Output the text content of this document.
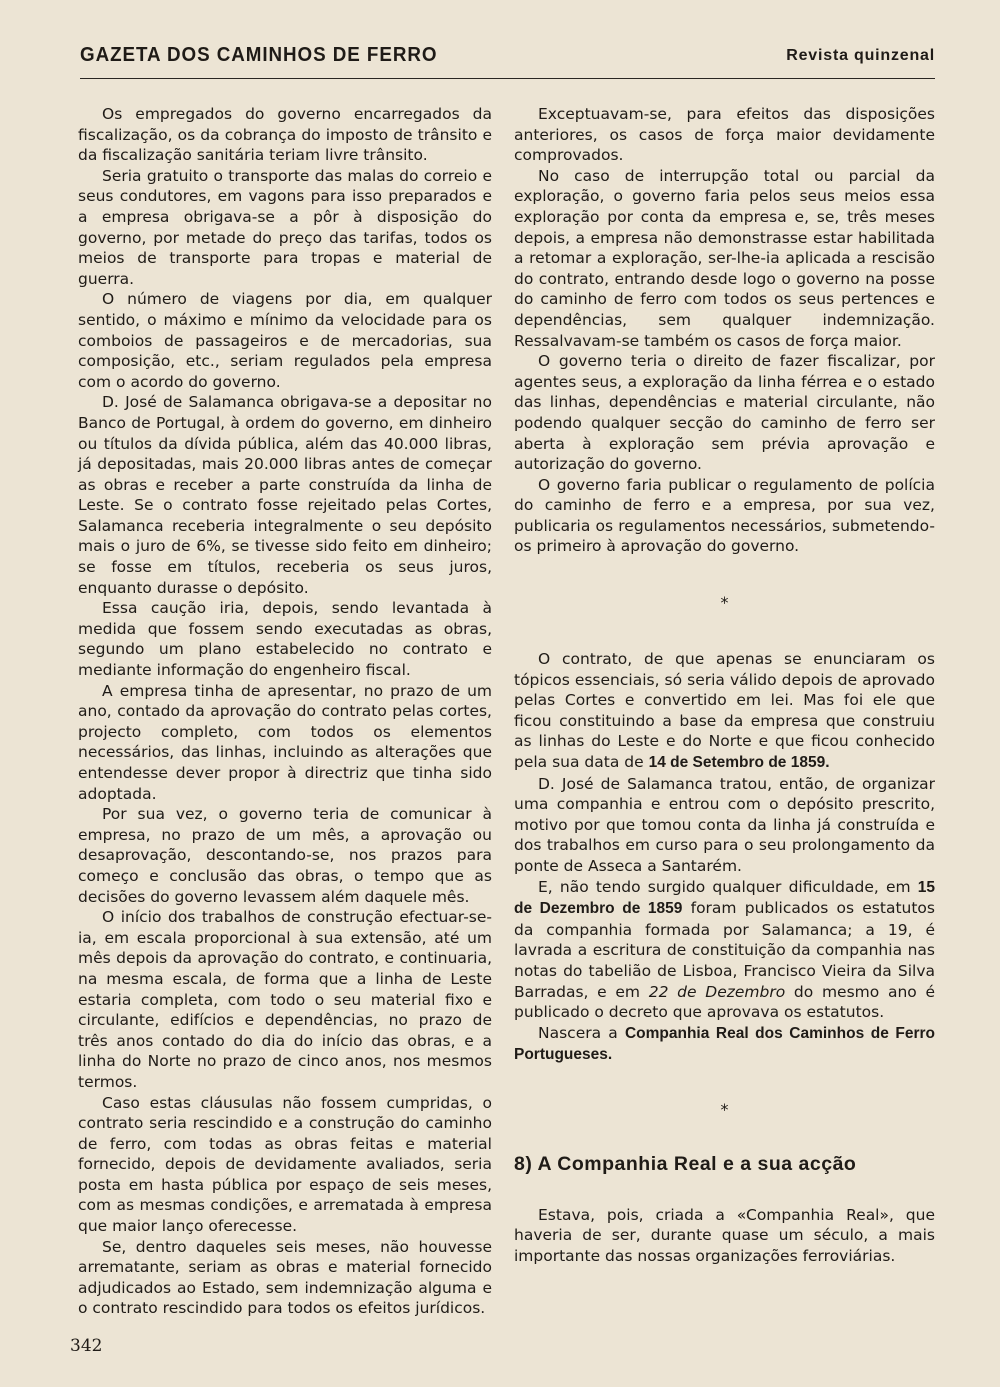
GAZETA DOS CAMINHOS DE FERRO	Revista quinzenal

Os empregados do governo encarregados da fiscalização, os da cobrança do imposto de trânsito e da fiscalização sanitária teriam livre trânsito.

Seria gratuito o transporte das malas do correio e seus condutores, em vagons para isso preparados e a empresa obrigava-se a pôr à disposição do governo, por metade do preço das tarifas, todos os meios de transporte para tropas e material de guerra.

O número de viagens por dia, em qualquer sentido, o máximo e mínimo da velocidade para os comboios de passageiros e de mercadorias, sua composição, etc., seriam regulados pela empresa com o acordo do governo.

D. José de Salamanca obrigava-se a depositar no Banco de Portugal, à ordem do governo, em dinheiro ou títulos da dívida pública, além das 40.000 libras, já depositadas, mais 20.000 libras antes de começar as obras e receber a parte construída da linha de Leste. Se o contrato fosse rejeitado pelas Cortes, Salamanca receberia integralmente o seu depósito mais o juro de 6%, se tivesse sido feito em dinheiro; se fosse em títulos, receberia os seus juros, enquanto durasse o depósito.

Essa caução iria, depois, sendo levantada à medida que fossem sendo executadas as obras, segundo um plano estabelecido no contrato e mediante informação do engenheiro fiscal.

A empresa tinha de apresentar, no prazo de um ano, contado da aprovação do contrato pelas cortes, projecto completo, com todos os elementos necessários, das linhas, incluindo as alterações que entendesse dever propor à directriz que tinha sido adoptada.

Por sua vez, o governo teria de comunicar à empresa, no prazo de um mês, a aprovação ou desaprovação, descontando-se, nos prazos para começo e conclusão das obras, o tempo que as decisões do governo levassem além daquele mês.

O início dos trabalhos de construção efectuar-se-ia, em escala proporcional à sua extensão, até um mês depois da aprovação do contrato, e continuaria, na mesma escala, de forma que a linha de Leste estaria completa, com todo o seu material fixo e circulante, edifícios e dependências, no prazo de três anos contado do dia do início das obras, e a linha do Norte no prazo de cinco anos, nos mesmos termos.

Caso estas cláusulas não fossem cumpridas, o contrato seria rescindido e a construção do caminho de ferro, com todas as obras feitas e material fornecido, depois de devidamente avaliados, seria posta em hasta pública por espaço de seis meses, com as mesmas condições, e arrematada à empresa que maior lanço oferecesse.

Se, dentro daqueles seis meses, não houvesse arrematante, seriam as obras e material fornecido adjudicados ao Estado, sem indemnização alguma e o contrato rescindido para todos os efeitos jurídicos.

Exceptuavam-se, para efeitos das disposições anteriores, os casos de força maior devidamente comprovados.

No caso de interrupção total ou parcial da exploração, o governo faria pelos seus meios essa exploração por conta da empresa e, se, três meses depois, a empresa não demonstrasse estar habilitada a retomar a exploração, ser-lhe-ia aplicada a rescisão do contrato, entrando desde logo o governo na posse do caminho de ferro com todos os seus pertences e dependências, sem qualquer indemnização. Ressalvavam-se também os casos de força maior.

O governo teria o direito de fazer fiscalizar, por agentes seus, a exploração da linha férrea e o estado das linhas, dependências e material circulante, não podendo qualquer secção do caminho de ferro ser aberta à exploração sem prévia aprovação e autorização do governo.

O governo faria publicar o regulamento de polícia do caminho de ferro e a empresa, por sua vez, publicaria os regulamentos necessários, submetendo-os primeiro à aprovação do governo.

*

O contrato, de que apenas se enunciaram os tópicos essenciais, só seria válido depois de aprovado pelas Cortes e convertido em lei. Mas foi ele que ficou constituindo a base da empresa que construiu as linhas do Leste e do Norte e que ficou conhecido pela sua data de 14 de Setembro de 1859.

D. José de Salamanca tratou, então, de organizar uma companhia e entrou com o depósito prescrito, motivo por que tomou conta da linha já construída e dos trabalhos em curso para o seu prolongamento da ponte de Asseca a Santarém.

E, não tendo surgido qualquer dificuldade, em 15 de Dezembro de 1859 foram publicados os estatutos da companhia formada por Salamanca; a 19, é lavrada a escritura de constituição da companhia nas notas do tabelião de Lisboa, Francisco Vieira da Silva Barradas, e em 22 de Dezembro do mesmo ano é publicado o decreto que aprovava os estatutos.

Nascera a Companhia Real dos Caminhos de Ferro Portugueses.

*
8) A Companhia Real e a sua acção

Estava, pois, criada a «Companhia Real», que haveria de ser, durante quase um século, a mais importante das nossas organizações ferroviárias.

342
